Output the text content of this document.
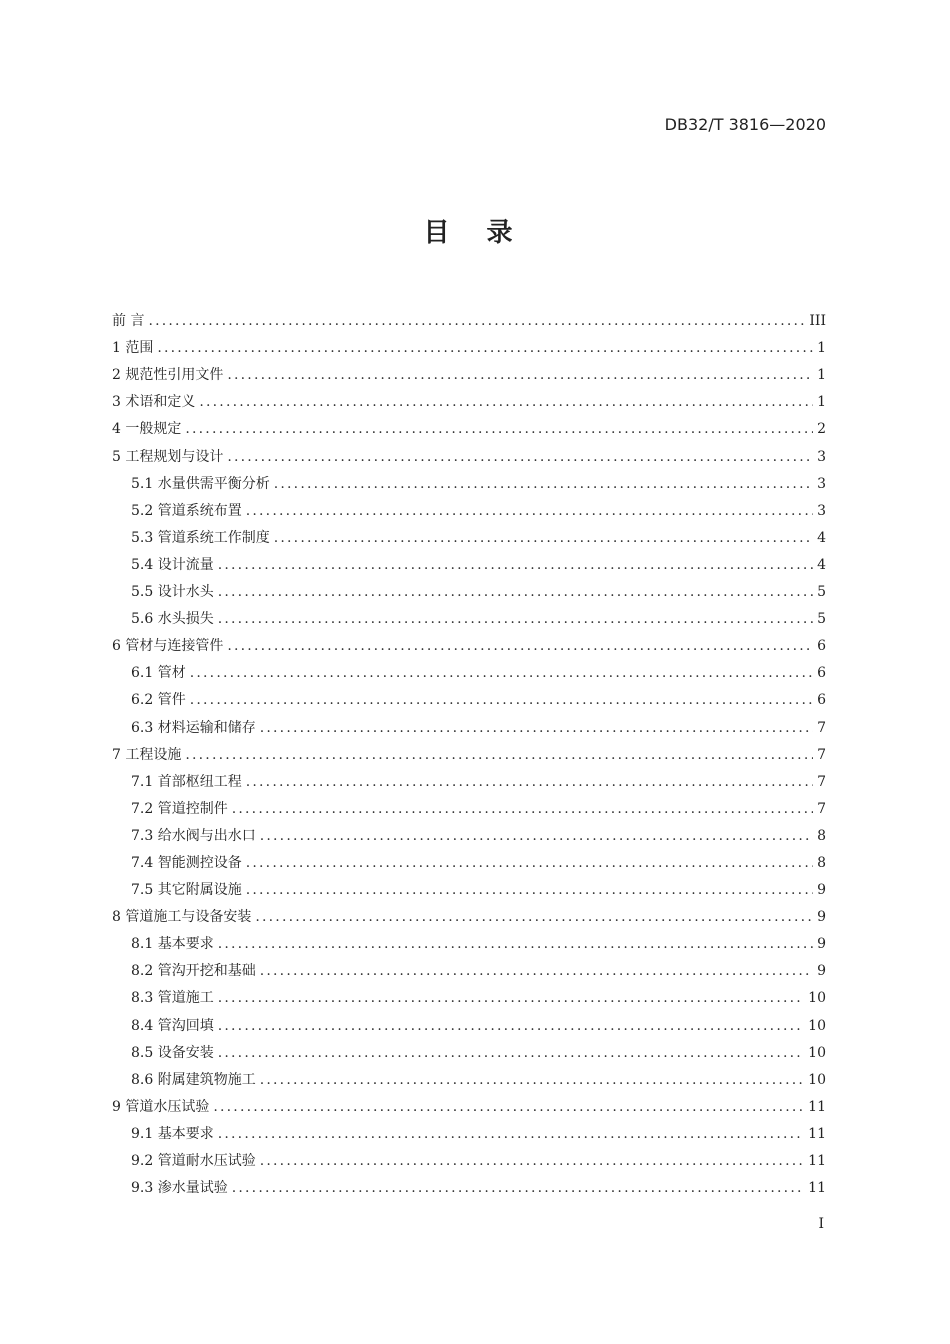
DB32/T 3816—2020
目 录
前 言 .....	III
1 范围 .....	1
2 规范性引用文件 .....	1
3 术语和定义 .....	1
4 一般规定 .....	2
5 工程规划与设计 .....	3
5.1 水量供需平衡分析 .....	3
5.2 管道系统布置 .....	3
5.3 管道系统工作制度 .....	4
5.4 设计流量 .....	4
5.5 设计水头 .....	5
5.6 水头损失 .....	5
6 管材与连接管件 .....	6
6.1 管材 .....	6
6.2 管件 .....	6
6.3 材料运输和储存 .....	7
7 工程设施 .....	7
7.1 首部枢纽工程 .....	7
7.2 管道控制件 .....	7
7.3 给水阀与出水口 .....	8
7.4 智能测控设备 .....	8
7.5 其它附属设施 .....	9
8 管道施工与设备安装 .....	9
8.1 基本要求 .....	9
8.2 管沟开挖和基础 .....	9
8.3 管道施工 .....	10
8.4 管沟回填 .....	10
8.5 设备安装 .....	10
8.6 附属建筑物施工 .....	10
9 管道水压试验 .....	11
9.1 基本要求 .....	11
9.2 管道耐水压试验 .....	11
9.3 渗水量试验 .....	11
I
